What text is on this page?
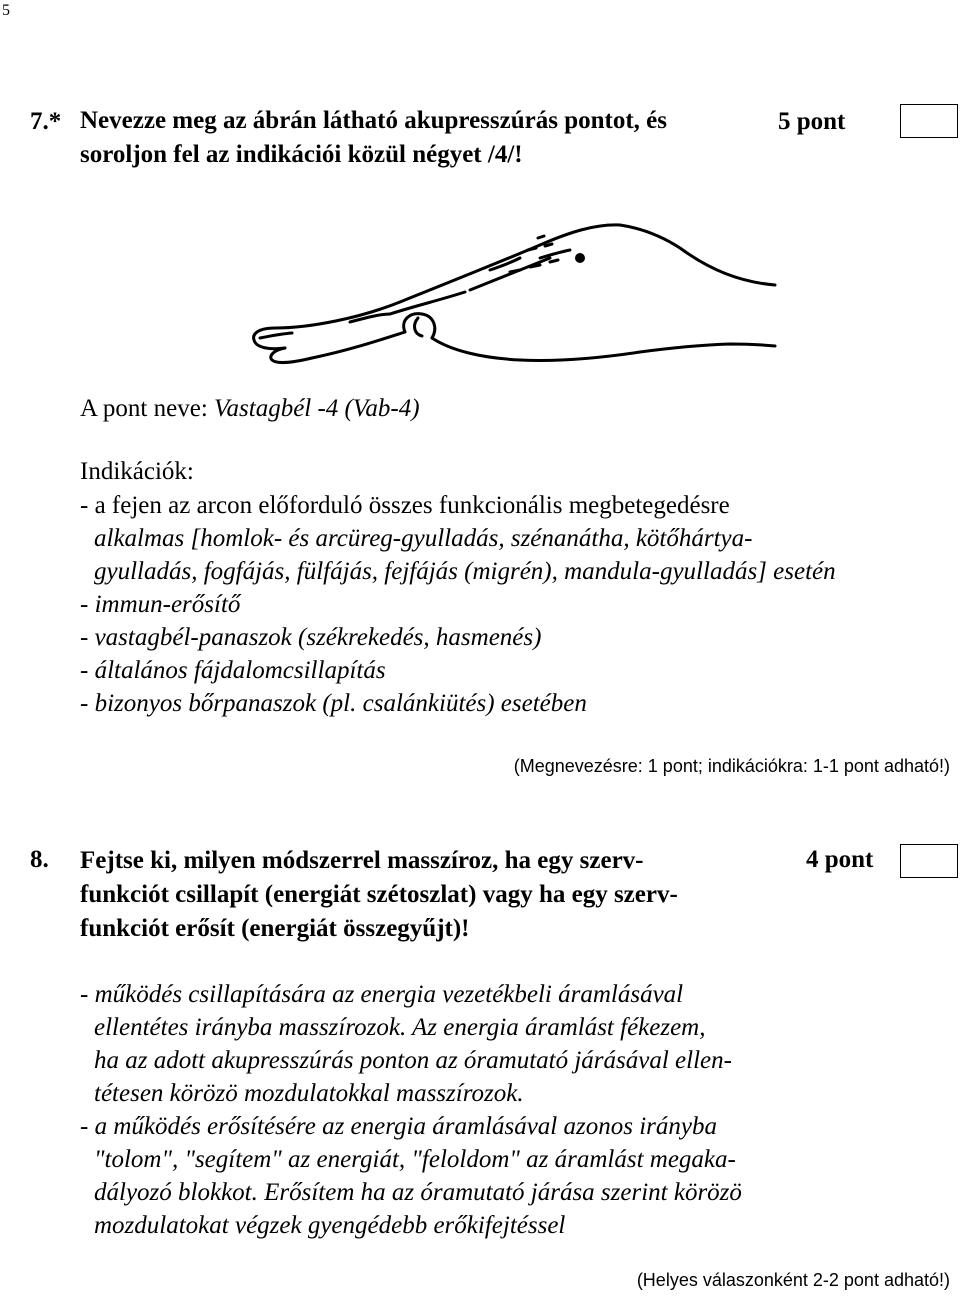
5
7.* Nevezze meg az ábrán látható akupresszúrás pontot, és
soroljon fel az indikációi közül négyet /4/!
5 pont
A pont neve: Vastagbél -4 (Vab-4)
Indikációk:
- a fejen az arcon előforduló összes funkcionális megbetegedésre
alkalmas [homlok- és arcüreg-gyulladás, szénanátha, kötőhártya-
gyulladás, fogfájás, fülfájás, fejfájás (migrén), mandula-gyulladás] esetén
- immun-erősítő
- vastagbél-panaszok (székrekedés, hasmenés)
- általános fájdalomcsillapítás
- bizonyos bőrpanaszok (pl. csalánkiütés) esetében
(Megnevezésre: 1 pont; indikációkra: 1-1 pont adható!)
8. Fejtse ki, milyen módszerrel masszíroz, ha egy szerv-
funkciót csillapít (energiát szétoszlat) vagy ha egy szerv-
funkciót erősít (energiát összegyűjt)!
4 pont
- működés csillapítására az energia vezetékbeli áramlásával
ellentétes irányba masszírozok. Az energia áramlást fékezem,
ha az adott akupresszúrás ponton az óramutató járásával ellen-
tétesen körözö mozdulatokkal masszírozok.
- a működés erősítésére az energia áramlásával azonos irányba
"tolom", "segítem" az energiát, "feloldom" az áramlást megaka-
dályozó blokkot. Erősítem ha az óramutató járása szerint körözö
mozdulatokat végzek gyengédebb erőkifejtéssel
(Helyes válaszonként 2-2 pont adható!)
